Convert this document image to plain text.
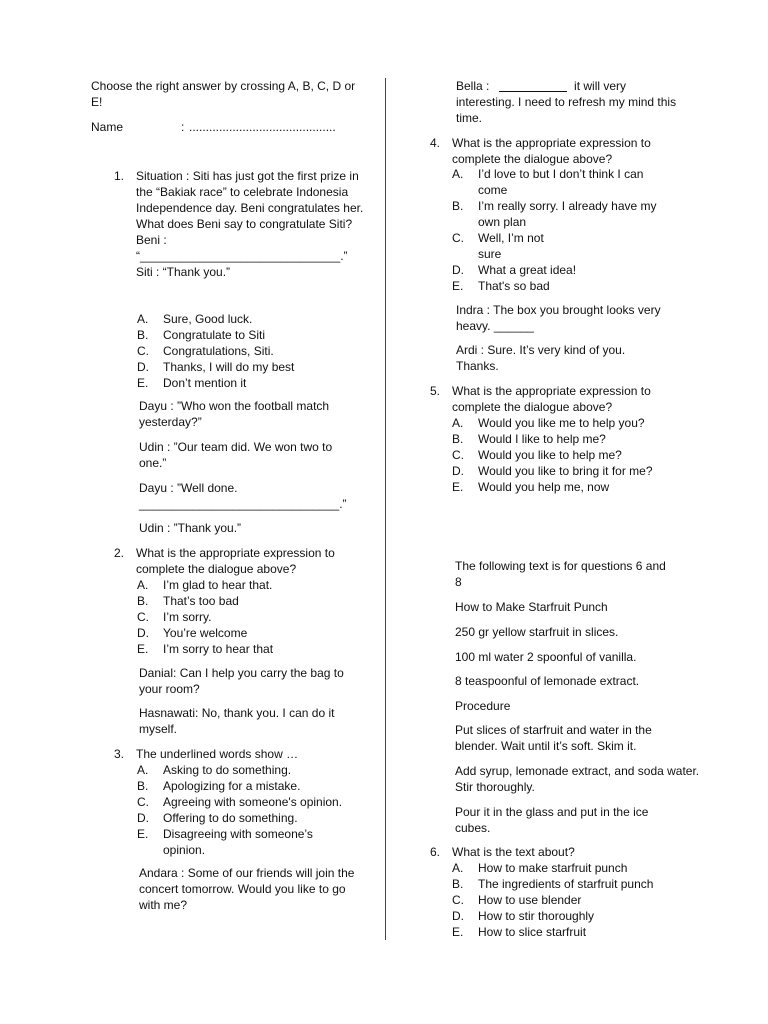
Choose the right answer by crossing A, B, C, D or E!

Name	: ............................................
1. Situation : Siti has just got the first prize in the “Bakiak race” to celebrate Indonesia Independence day. Beni congratulates her.
What does Beni say to congratulate Siti?
Beni :
“______________________________.”
Siti : “Thank you.”
A. Sure, Good luck.
B. Congratulate to Siti
C. Congratulations, Siti.
D. Thanks, I will do my best
E. Don’t mention it

Dayu : ”Who won the football match yesterday?”

Udin : ”Our team did. We won two to one.”

Dayu : ”Well done.
______________________________.”

Udin : ”Thank you.”

2. What is the appropriate expression to complete the dialogue above?

A. I’m glad to hear that.
B. That’s too bad
C. I’m sorry.
D. You’re welcome
E. I’m sorry to hear that

Danial: Can I help you carry the bag to your room?

Hasnawati: No, thank you. I can do it myself.

3. The underlined words show …

A. Asking to do something.
B. Apologizing for a mistake.
C. Agreeing with someone's opinion.
D. Offering to do something.
E. Disagreeing with someone’s opinion.

Andara : Some of our friends will join the concert tomorrow. Would you like to go with me?

Bella :	it will very interesting. I need to refresh my mind this time.
4. What is the appropriate expression to complete the dialogue above?

A. I’d love to but I don’t think I can come
B. I’m really sorry. I already have my own plan
C. Well, I’m not sure
D. What a great idea!
E. That's so bad

Indra : The box you brought looks very heavy. ______

Ardi : Sure. It’s very kind of you. Thanks.

5. What is the appropriate expression to complete the dialogue above?

A. Would you like me to help you?
B. Would I like to help me?
C. Would you like to help me?
D. Would you like to bring it for me?
E. Would you help me, now

The following text is for questions 6 and 8

How to Make Starfruit Punch

250 gr yellow starfruit in slices.

100 ml water 2 spoonful of vanilla.

8 teaspoonful of lemonade extract.

Procedure

Put slices of starfruit and water in the blender. Wait until it’s soft. Skim it.

Add syrup, lemonade extract, and soda water. Stir thoroughly.

Pour it in the glass and put in the ice cubes.

6. What is the text about?

A. How to make starfruit punch
B. The ingredients of starfruit punch
C. How to use blender
D. How to stir thoroughly
E. How to slice starfruit
